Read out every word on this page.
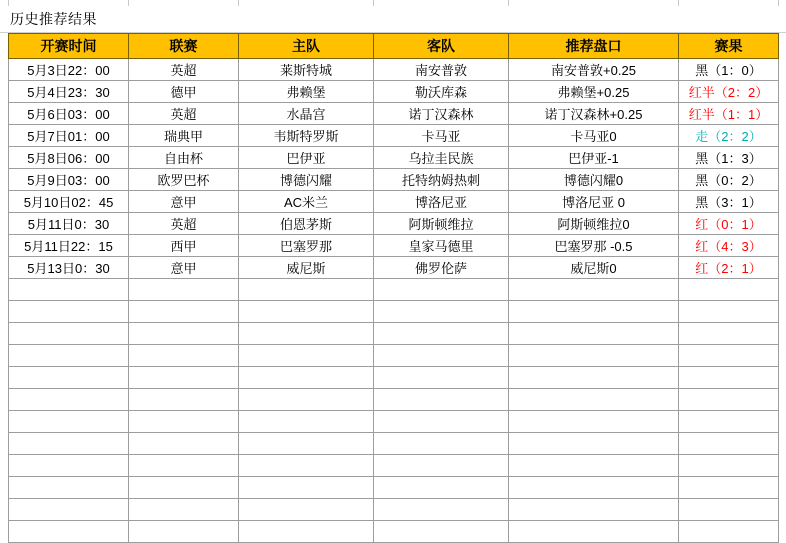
历史推荐结果
开赛时间	联赛	主队	客队	推荐盘口	赛果
5月3日22：00	英超	莱斯特城	南安普敦	南安普敦+0.25	黑（1：0）
5月4日23：30	德甲	弗赖堡	勒沃库森	弗赖堡+0.25	红半（2：2）
5月6日03：00	英超	水晶宫	诺丁汉森林	诺丁汉森林+0.25	红半（1：1）
5月7日01：00	瑞典甲	韦斯特罗斯	卡马亚	卡马亚0	走（2：2）
5月8日06：00	自由杯	巴伊亚	乌拉圭民族	巴伊亚-1	黑（1：3）
5月9日03：00	欧罗巴杯	博德闪耀	托特纳姆热刺	博德闪耀0	黑（0：2）
5月10日02：45	意甲	AC米兰	博洛尼亚	博洛尼亚 0	黑（3：1）
5月11日0：30	英超	伯恩茅斯	阿斯顿维拉	阿斯顿维拉0	红（0：1）
5月11日22：15	西甲	巴塞罗那	皇家马德里	巴塞罗那 -0.5	红（4：3）
5月13日0：30	意甲	威尼斯	佛罗伦萨	威尼斯0	红（2：1）
